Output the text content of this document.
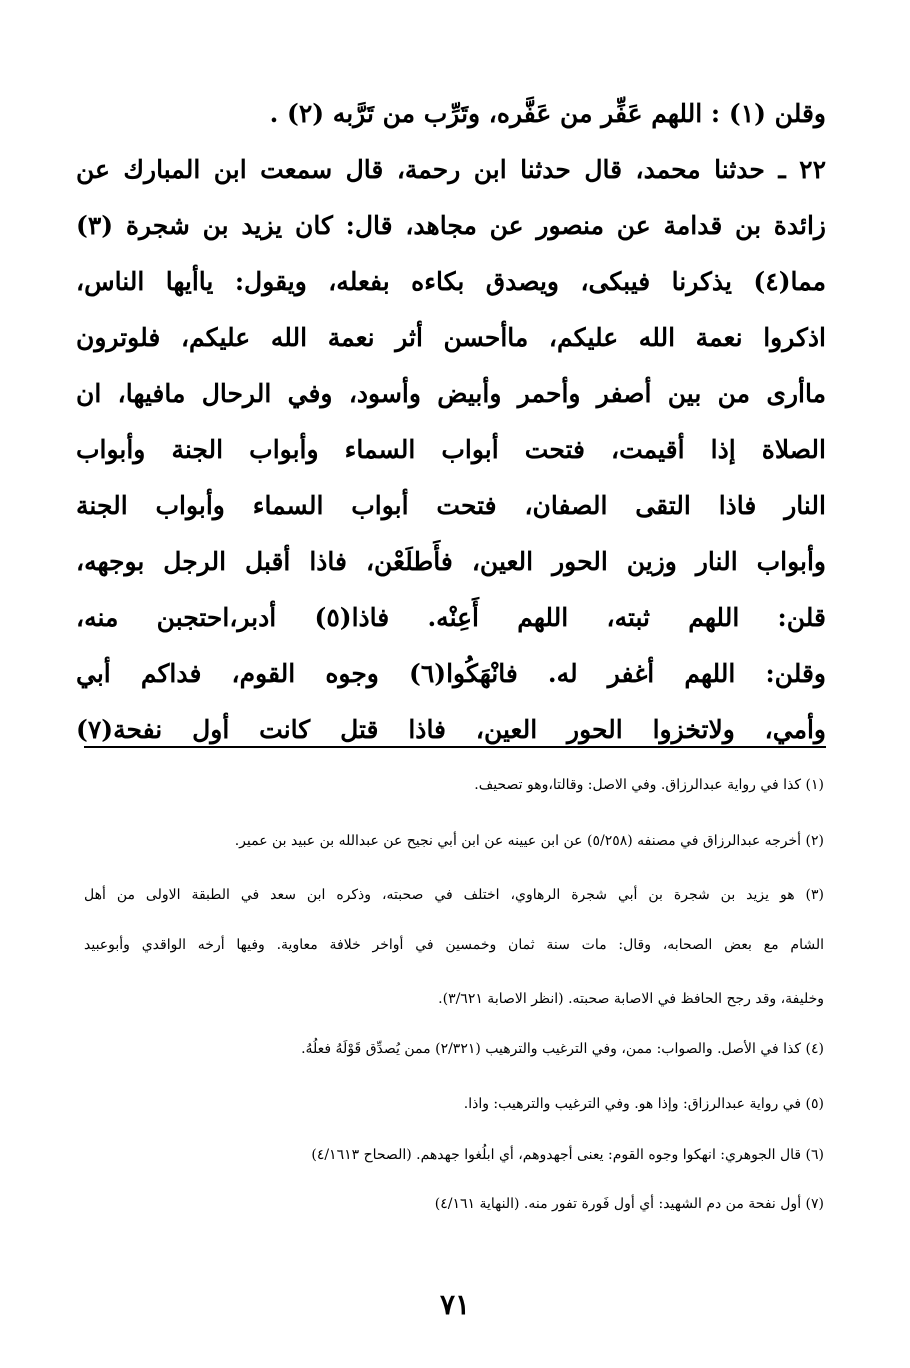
وقلن (١) : اللهم عَفِّر من عَفَّره، وتَرِّب من تَرَّبه (٢) .
٢٢ ـ حدثنا محمد، قال حدثنا ابن رحمة، قال سمعت ابن المبارك عن
زائدة بن قدامة عن منصور عن مجاهد، قال: كان يزيد بن شجرة (٣)
مما(٤) يذكرنا فيبكى، ويصدق بكاءه بفعله، ويقول: ياأيها الناس،
اذكروا نعمة الله عليكم، ماأحسن أثر نعمة الله عليكم، فلوترون
ماأرى من بين أصفر وأحمر وأبيض وأسود، وفي الرحال مافيها، ان
الصلاة إذا أقيمت، فتحت أبواب السماء وأبواب الجنة وأبواب
النار فاذا التقى الصفان، فتحت أبواب السماء وأبواب الجنة
وأبواب النار وزين الحور العين، فأَطلَعْن، فاذا أقبل الرجل بوجهه،
قلن: اللهم ثبته، اللهم أَعِنْه. فاذا(٥) أدبر،احتجبن منه،
وقلن: اللهم أغفر له. فانْهَكُوا(٦) وجوه القوم، فداكم أبي
وأمي، ولاتخزوا الحور العين، فاذا قتل كانت أول نفحة(٧)
(١) كذا في رواية عبدالرزاق. وفي الاصل: وقالتا،وهو تصحيف.
(٢) أخرجه عبدالرزاق في مصنفه (٥/٢٥٨) عن ابن عيينه عن ابن أبي نجيح عن عبدالله بن عبيد بن عمير.
(٣) هو يزيد بن شجرة بن أبي شجرة الرهاوي، اختلف في صحبته، وذكره ابن سعد في الطبقة الاولى من أهل
الشام مع بعض الصحابه، وقال: مات سنة ثمان وخمسين في أواخر خلافة معاوية. وفيها أرخه الواقدي وأبوعبيد
وخليفة، وقد رجح الحافظ في الاصابة صحبته. (انظر الاصابة ٣/٦٢١).
(٤) كذا في الأصل. والصواب: ممن، وفي الترغيب والترهيب (٢/٣٢١) ممن يُصدِّق قَوْلَهُ فعلُهُ.
(٥) في رواية عبدالرزاق: وإذا هو. وفي الترغيب والترهيب: واذا.
(٦) قال الجوهري: انهكوا وجوه القوم: يعنى أجهدوهم، أي ابلُغوا جهدهم. (الصحاح ٤/١٦١٣)
(٧) أول نفحة من دم الشهيد: أي أول فَورة تفور منه. (النهاية ٤/١٦١)
٧١
